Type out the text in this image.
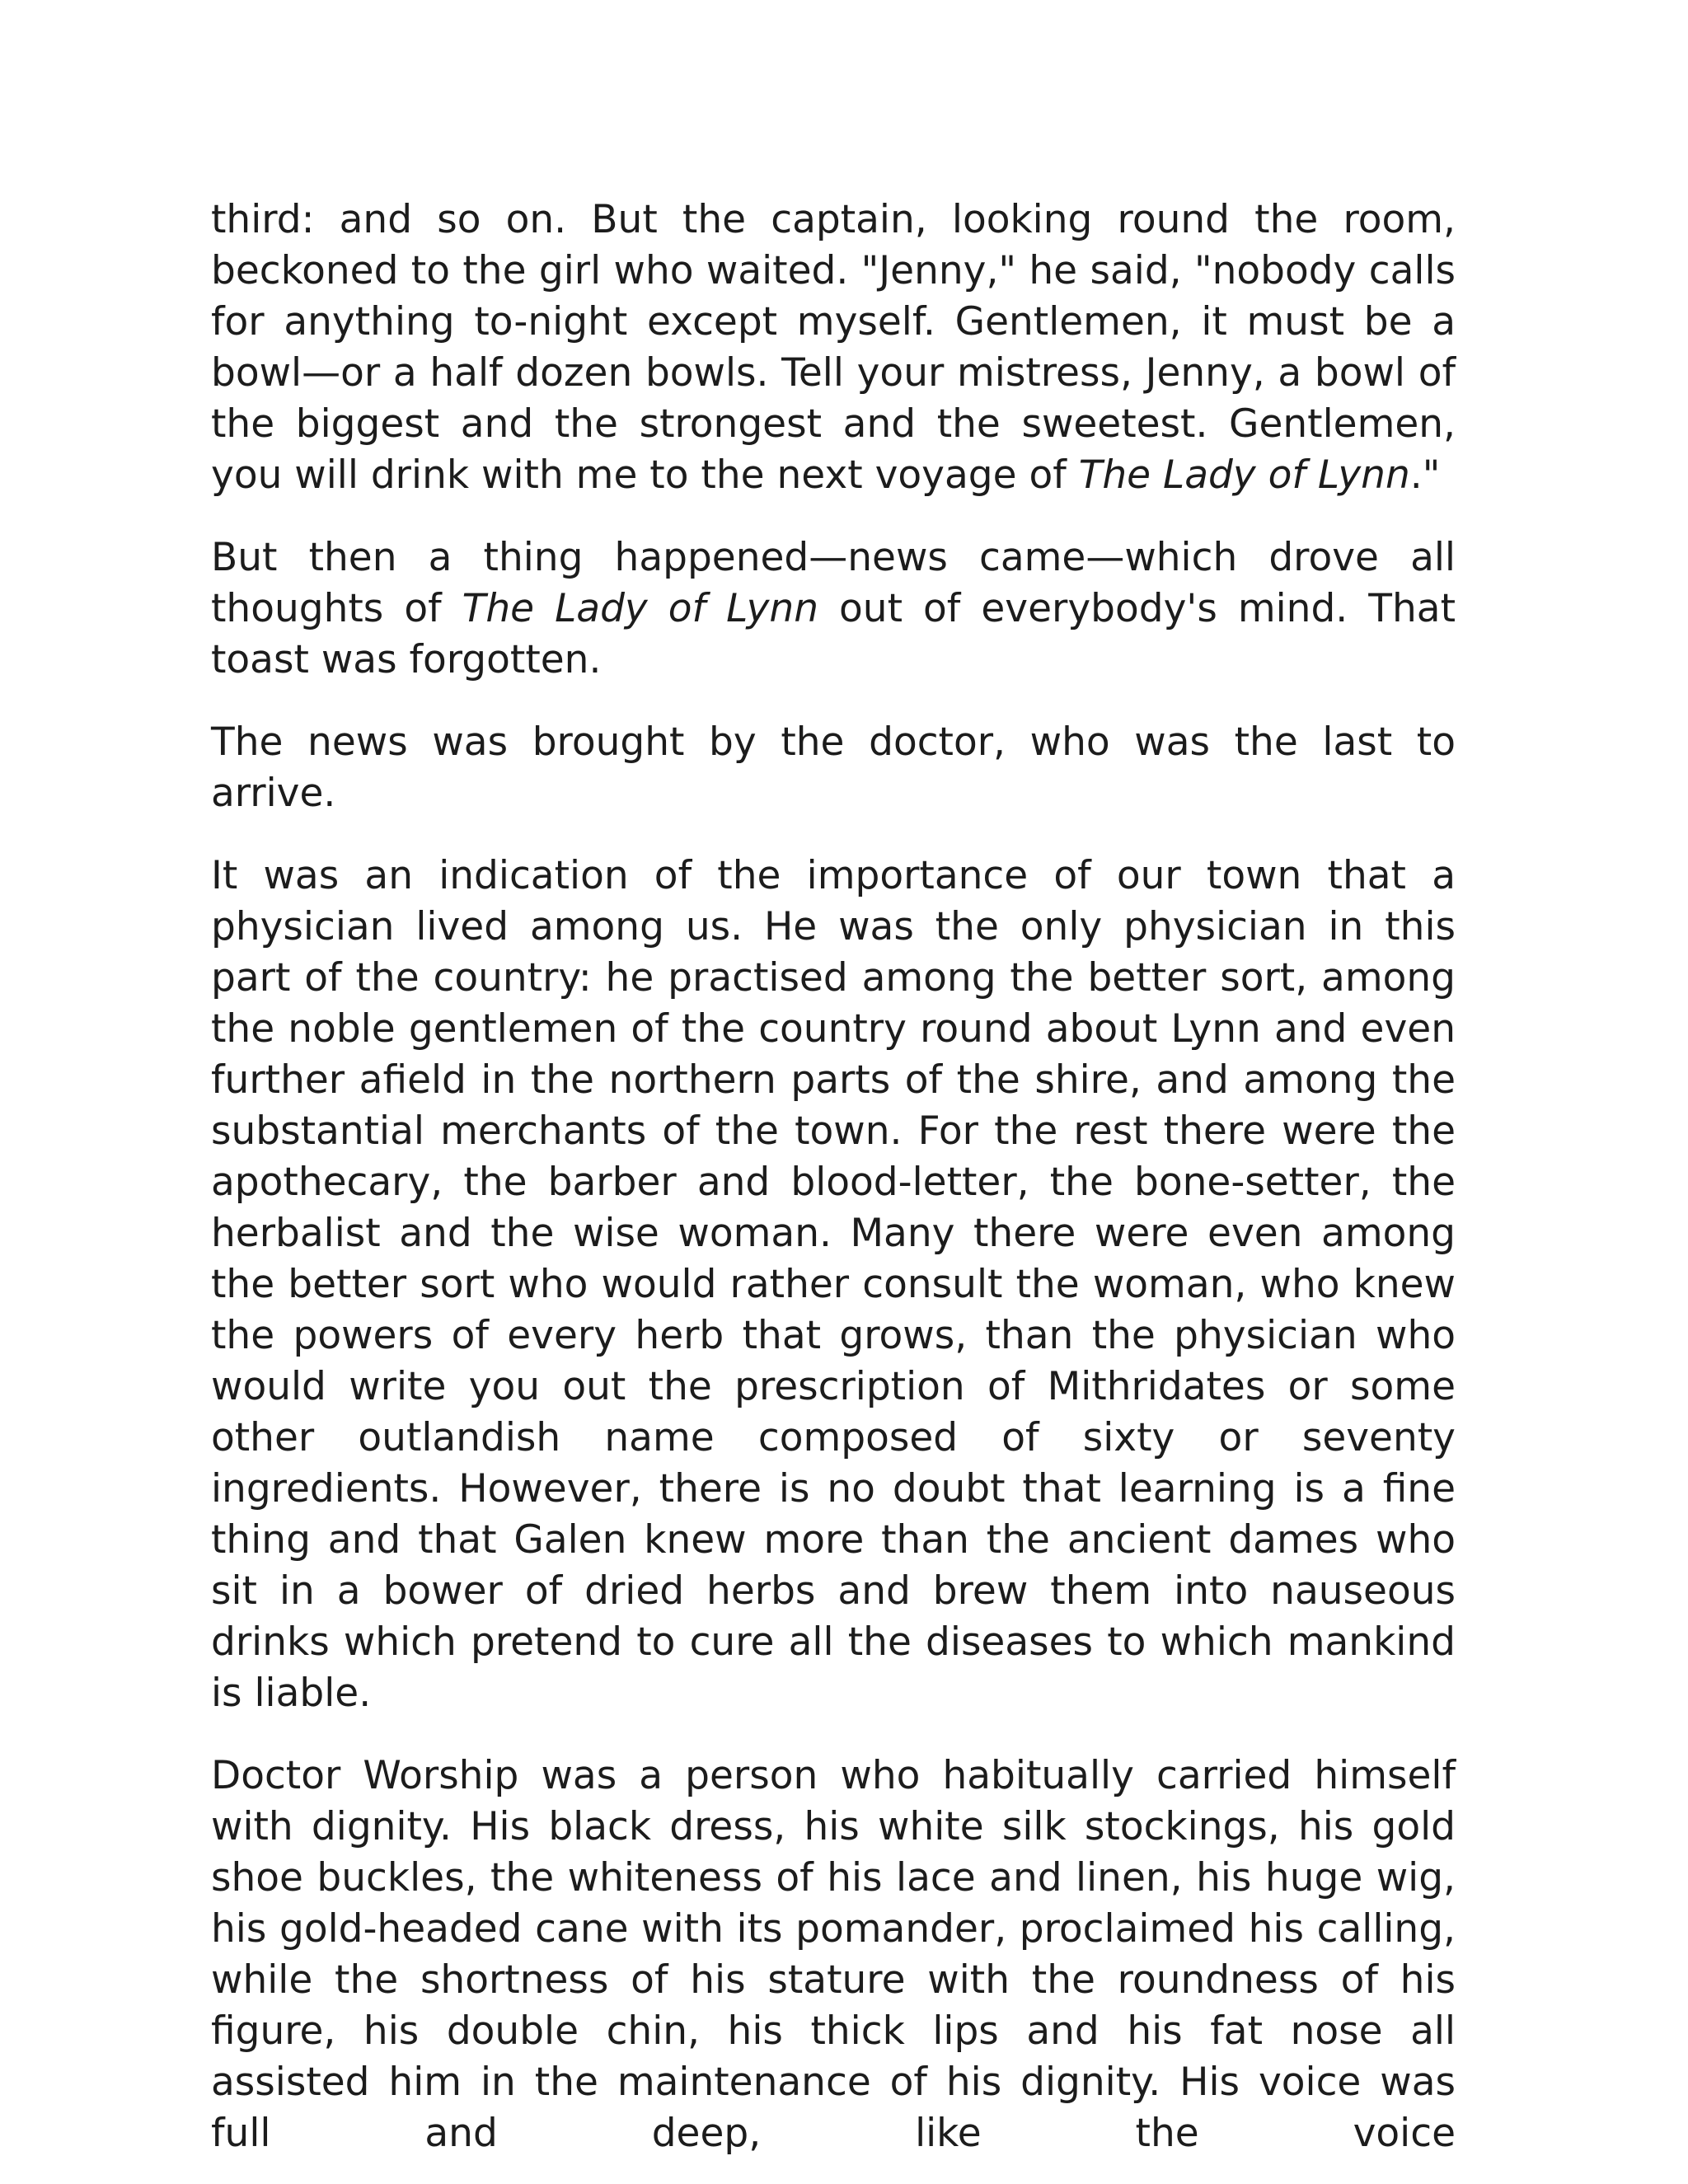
third: and so on. But the captain, looking round the room, beckoned to the girl who waited. "Jenny," he said, "nobody calls for anything to-night except myself. Gentlemen, it must be a bowl—or a half dozen bowls. Tell your mistress, Jenny, a bowl of the biggest and the strongest and the sweetest. Gentlemen, you will drink with me to the next voyage of The Lady of Lynn."

But then a thing happened—news came—which drove all thoughts of The Lady of Lynn out of everybody's mind. That toast was forgotten.

The news was brought by the doctor, who was the last to arrive.

It was an indication of the importance of our town that a physician lived among us. He was the only physician in this part of the country: he practised among the better sort, among the noble gentlemen of the country round about Lynn and even further afield in the northern parts of the shire, and among the substantial merchants of the town. For the rest there were the apothecary, the barber and blood-letter, the bone-setter, the herbalist and the wise woman. Many there were even among the better sort who would rather consult the woman, who knew the powers of every herb that grows, than the physician who would write you out the prescription of Mithridates or some other outlandish name composed of sixty or seventy ingredients. However, there is no doubt that learning is a fine thing and that Galen knew more than the ancient dames who sit in a bower of dried herbs and brew them into nauseous drinks which pretend to cure all the diseases to which mankind is liable.

Doctor Worship was a person who habitually carried himself with dignity. His black dress, his white silk stockings, his gold shoe buckles, the whiteness of his lace and linen, his huge wig, his gold-headed cane with its pomander, proclaimed his calling, while the shortness of his stature with the roundness of his figure, his double chin, his thick lips and his fat nose all assisted him in the maintenance of his dignity. His voice was full and deep, like the voice
